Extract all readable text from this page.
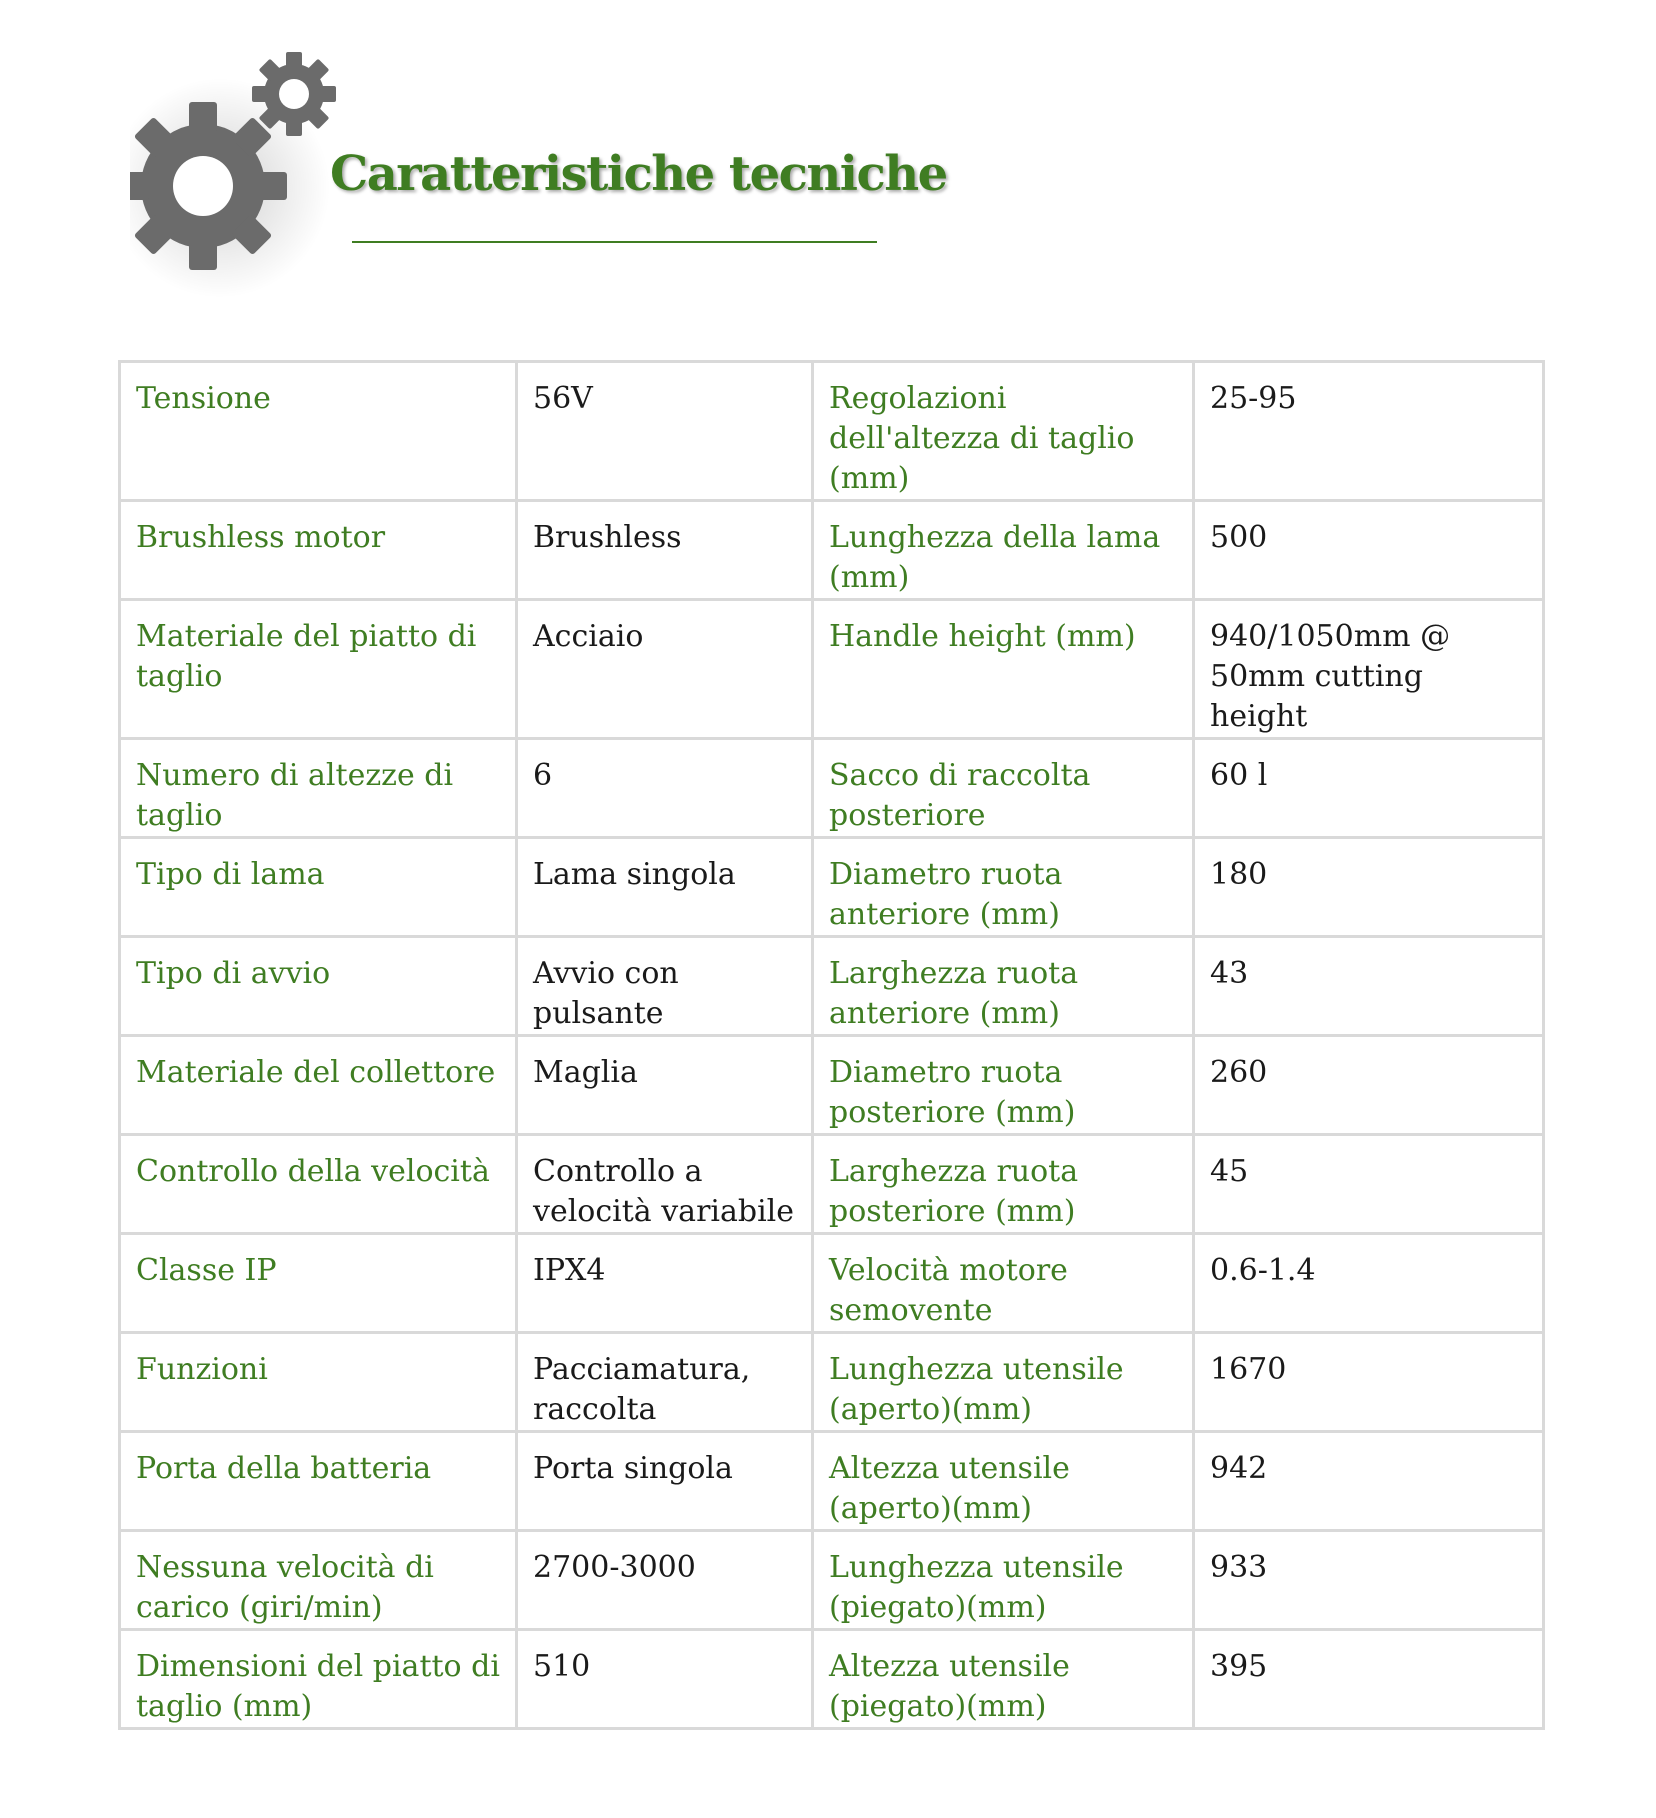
Caratteristiche tecniche
Tensione	56V	Regolazioni dell'altezza di taglio (mm)	25-95
Brushless motor	Brushless	Lunghezza della lama (mm)	500
Materiale del piatto di taglio	Acciaio	Handle height (mm)	940/1050mm @ 50mm cutting height
Numero di altezze di taglio	6	Sacco di raccolta posteriore	60 l
Tipo di lama	Lama singola	Diametro ruota anteriore (mm)	180
Tipo di avvio	Avvio con pulsante	Larghezza ruota anteriore (mm)	43
Materiale del collettore	Maglia	Diametro ruota posteriore (mm)	260
Controllo della velocità	Controllo a velocità variabile	Larghezza ruota posteriore (mm)	45
Classe IP	IPX4	Velocità motore semovente	0.6-1.4
Funzioni	Pacciamatura, raccolta	Lunghezza utensile (aperto)(mm)	1670
Porta della batteria	Porta singola	Altezza utensile (aperto)(mm)	942
Nessuna velocità di carico (giri/min)	2700-3000	Lunghezza utensile (piegato)(mm)	933
Dimensioni del piatto di taglio (mm)	510	Altezza utensile (piegato)(mm)	395
